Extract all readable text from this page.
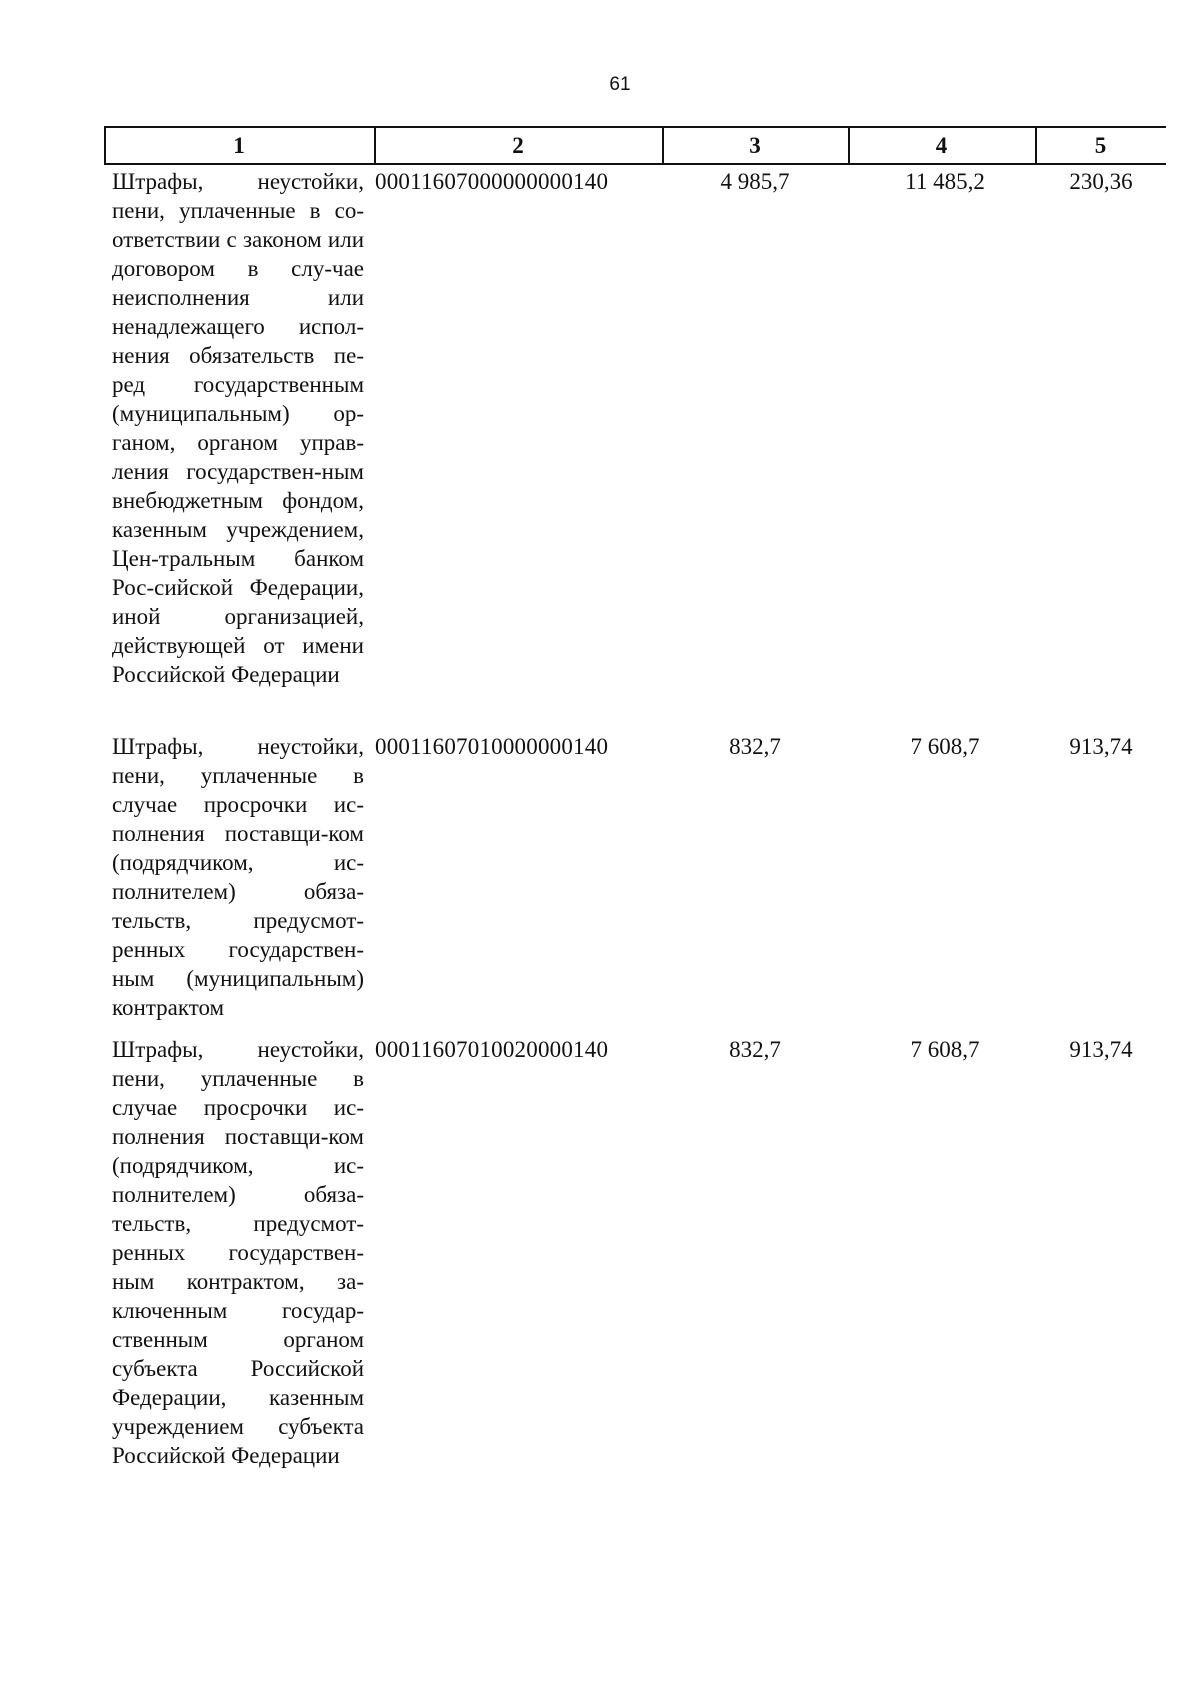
61
1	2	3	4	5
Штрафы, неустойки, пени, уплаченные в со-ответствии с законом или договором в слу-чае неисполнения или ненадлежащего испол-нения обязательств пе-ред государственным (муниципальным) ор-ганом, органом управ-ления государствен-ным внебюджетным фондом, казенным учреждением, Цен-тральным банком Рос-сийской Федерации, иной организацией, действующей от имени Российской Федерации
00011607000000000140	4 985,7	11 485,2	230,36
Штрафы, неустойки, пени, уплаченные в случае просрочки ис-полнения поставщи-ком (подрядчиком, ис-полнителем) обяза-тельств, предусмот-ренных государствен-ным (муниципальным) контрактом
00011607010000000140	832,7	7 608,7	913,74
Штрафы, неустойки, пени, уплаченные в случае просрочки ис-полнения поставщи-ком (подрядчиком, ис-полнителем) обяза-тельств, предусмот-ренных государствен-ным контрактом, за-ключенным государ-ственным органом субъекта Российской Федерации, казенным учреждением субъекта Российской Федерации
00011607010020000140	832,7	7 608,7	913,74
